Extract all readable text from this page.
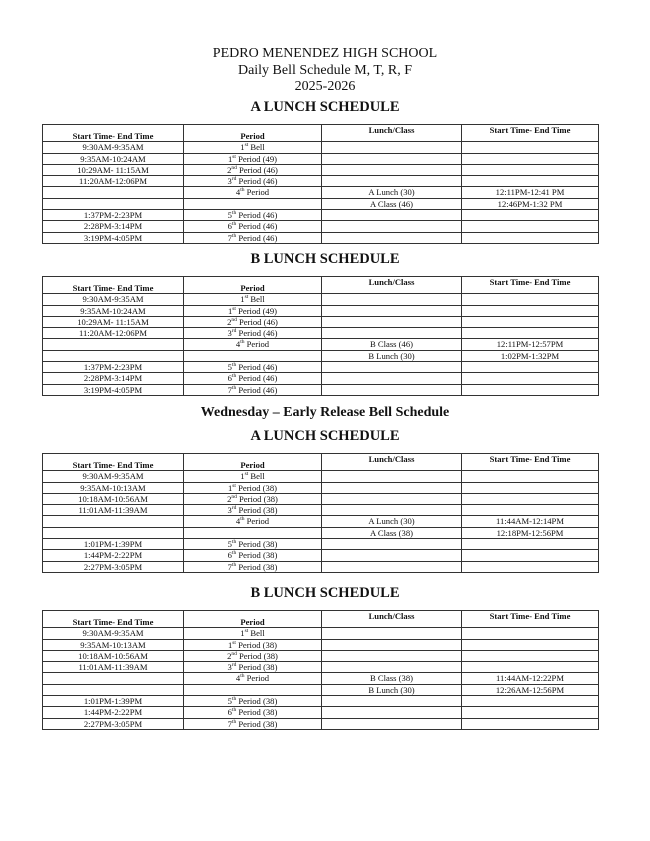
PEDRO MENENDEZ HIGH SCHOOL
Daily Bell Schedule M, T, R, F
2025-2026
A LUNCH SCHEDULE
Start Time- End Time	Period	Lunch/Class	Start Time- End Time
9:30AM-9:35AM	1st Bell		
9:35AM-10:24AM	1st Period (49)		
10:29AM- 11:15AM	2nd Period (46)		
11:20AM-12:06PM	3rd Period (46)		
	4th Period	A Lunch (30)	12:11PM-12:41 PM
		A Class (46)	12:46PM-1:32 PM
1:37PM-2:23PM	5th Period (46)		
2:28PM-3:14PM	6th Period (46)		
3:19PM-4:05PM	7th Period (46)		
B LUNCH SCHEDULE
Start Time- End Time	Period	Lunch/Class	Start Time- End Time
9:30AM-9:35AM	1st Bell		
9:35AM-10:24AM	1st Period (49)		
10:29AM- 11:15AM	2nd Period (46)		
11:20AM-12:06PM	3rd Period (46)		
	4th Period	B Class (46)	12:11PM-12:57PM
		B Lunch (30)	1:02PM-1:32PM
1:37PM-2:23PM	5th Period (46)		
2:28PM-3:14PM	6th Period (46)		
3:19PM-4:05PM	7th Period (46)		
Wednesday – Early Release Bell Schedule
A LUNCH SCHEDULE
Start Time- End Time	Period	Lunch/Class	Start Time- End Time
9:30AM-9:35AM	1st Bell		
9:35AM-10:13AM	1st Period (38)		
10:18AM-10:56AM	2nd Period (38)		
11:01AM-11:39AM	3rd Period (38)		
	4th Period	A Lunch (30)	11:44AM-12:14PM
		A Class (38)	12:18PM-12:56PM
1:01PM-1:39PM	5th Period (38)		
1:44PM-2:22PM	6th Period (38)		
2:27PM-3:05PM	7th Period (38)		
B LUNCH SCHEDULE
Start Time- End Time	Period	Lunch/Class	Start Time- End Time
9:30AM-9:35AM	1st Bell		
9:35AM-10:13AM	1st Period (38)		
10:18AM-10:56AM	2nd Period (38)		
11:01AM-11:39AM	3rd Period (38)		
	4th Period	B Class (38)	11:44AM-12:22PM
		B Lunch (30)	12:26AM-12:56PM
1:01PM-1:39PM	5th Period (38)		
1:44PM-2:22PM	6th Period (38)		
2:27PM-3:05PM	7th Period (38)		
